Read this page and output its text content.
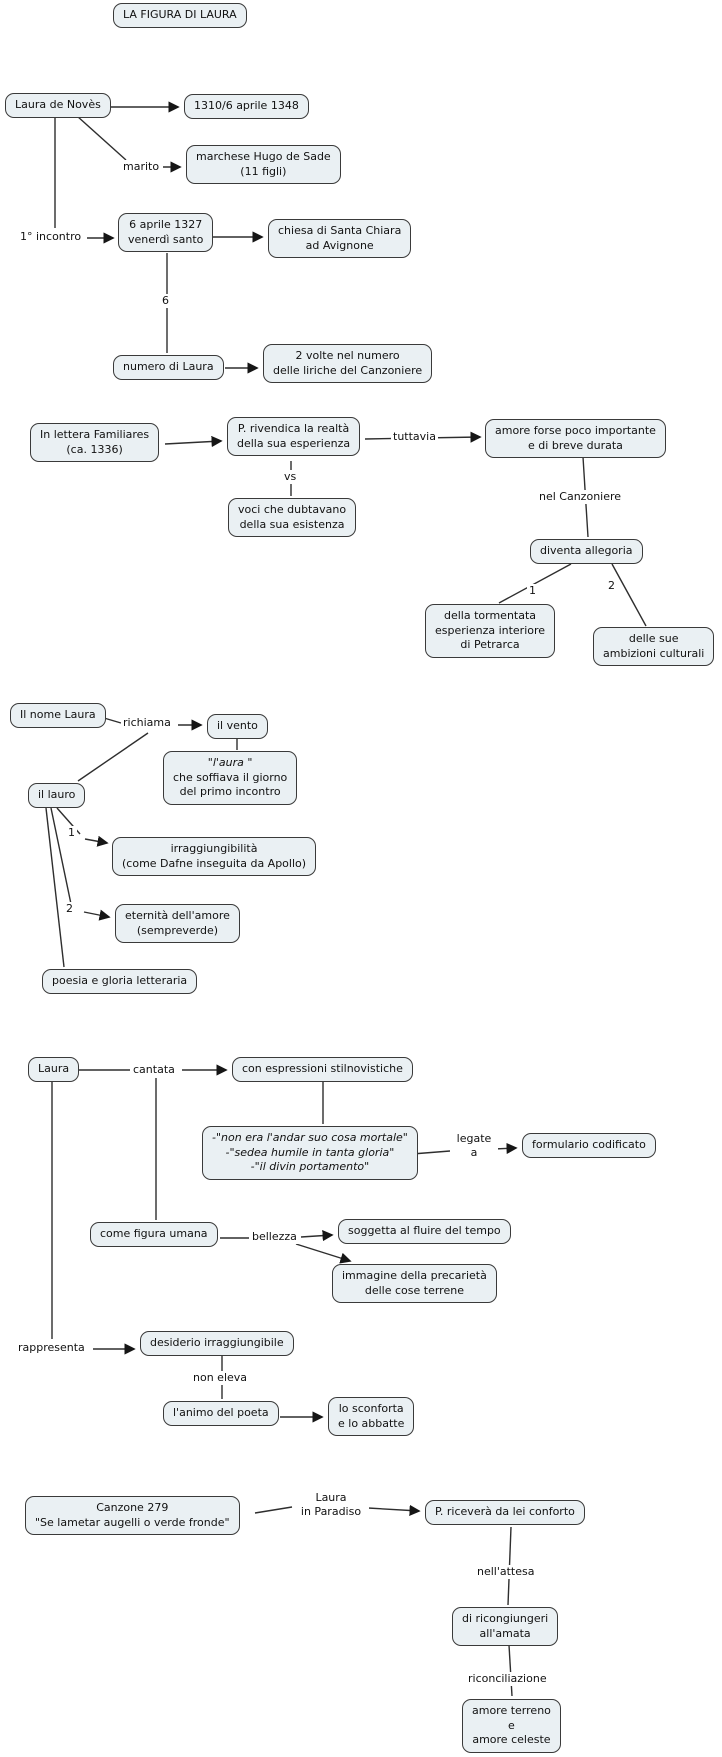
LA FIGURA DI LAURA
Laura de Novès	1310/6 aprile 1348
marchese Hugo de Sade
(11 figli)
6 aprile 1327
venerdì santo
chiesa di Santa Chiara
ad Avignone
numero di Laura
2 volte nel numero
delle liriche del Canzoniere
In lettera Familiares
(ca. 1336)
P. rivendica la realtà
della sua esperienza
amore forse poco importante
e di breve durata
voci che dubtavano
della sua esistenza
diventa allegoria
della tormentata
esperienza interiore
di Petrarca	delle sue
ambizioni culturali
Il nome Laura
il vento
"l'aura "
che soffiava il giorno
del primo incontro
il lauro
irraggiungibilità
(come Dafne inseguita da Apollo)
eternità dell'amore
(sempreverde)
poesia e gloria letteraria
Laura	con espressioni stilnovistiche
-"non era l'andar suo cosa mortale"
-"sedea humile in tanta gloria"
-"il divin portamento"
formulario codificato
come figura umana	soggetta al fluire del tempo
immagine della precarietà
delle cose terrene
desiderio irraggiungibile
l'animo del poeta	lo sconforta
e lo abbatte
Canzone 279
"Se lametar augelli o verde fronde"
P. riceverà da lei conforto
di ricongiungeri
all'amata
amore terreno
e
amore celeste
marito
1° incontro
6
tuttavia
vs
nel Canzoniere
1	2
richiama
1
2
cantata
legate
a
bellezza
rappresenta
non eleva
Laura
in Paradiso
nell'attesa
riconciliazione
